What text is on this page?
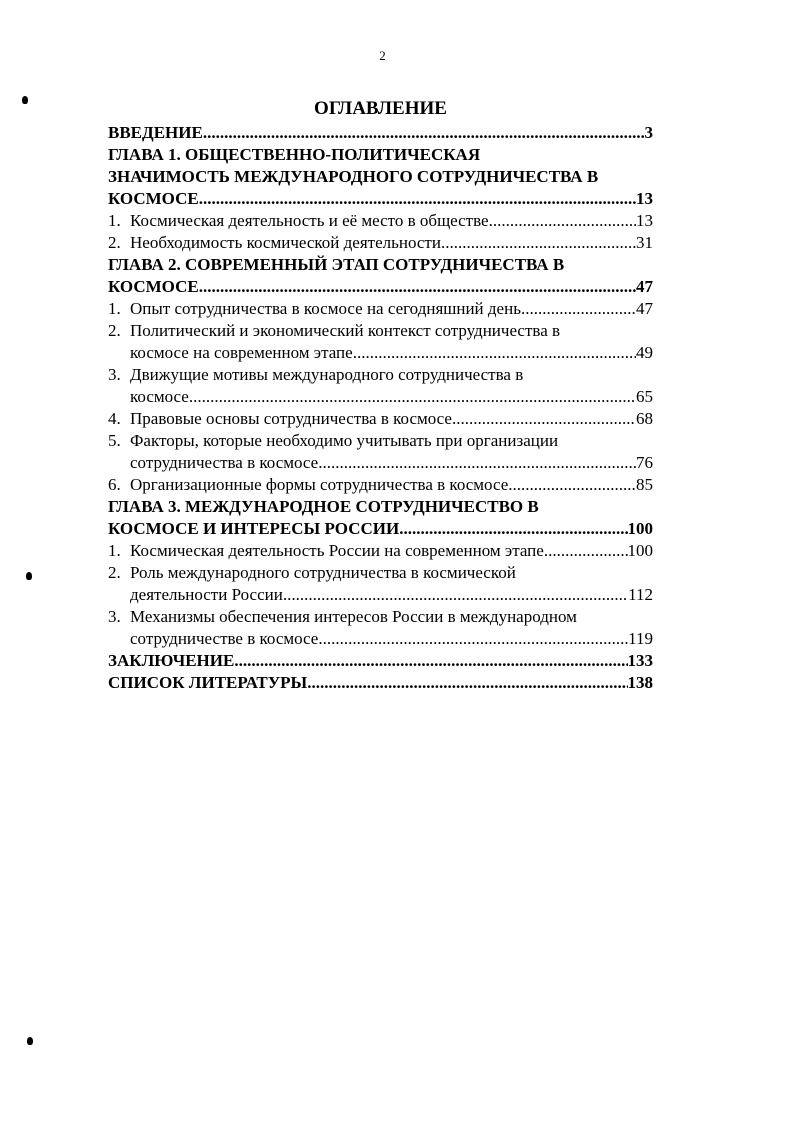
2
ОГЛАВЛЕНИЕ
ВВЕДЕНИЕ .....	3
ГЛАВА 1. ОБЩЕСТВЕННО-ПОЛИТИЧЕСКАЯ
ЗНАЧИМОСТЬ МЕЖДУНАРОДНОГО СОТРУДНИЧЕСТВА В
КОСМОСЕ .....	13
1. Космическая деятельность и её место в обществе .....	13
2. Необходимость космической деятельности .....	31
ГЛАВА 2. СОВРЕМЕННЫЙ ЭТАП СОТРУДНИЧЕСТВА В
КОСМОСЕ .....	47
1. Опыт сотрудничества в космосе на сегодняшний день .....	47
2. Политический и экономический контекст сотрудничества в
космосе на современном этапе .....	49
3. Движущие мотивы международного сотрудничества в
космосе .....	65
4. Правовые основы сотрудничества в космосе .....	68
5. Факторы, которые необходимо учитывать при организации
сотрудничества в космосе .....	76
6. Организационные формы сотрудничества в космосе .....	85
ГЛАВА 3. МЕЖДУНАРОДНОЕ СОТРУДНИЧЕСТВО В
КОСМОСЕ И ИНТЕРЕСЫ РОССИИ .....	100
1. Космическая деятельность России на современном этапе .....	100
2. Роль международного сотрудничества в космической
деятельности России .....	112
3. Механизмы обеспечения интересов России в международном
сотрудничестве в космосе .....	119
ЗАКЛЮЧЕНИЕ .....	133
СПИСОК ЛИТЕРАТУРЫ .....	138
